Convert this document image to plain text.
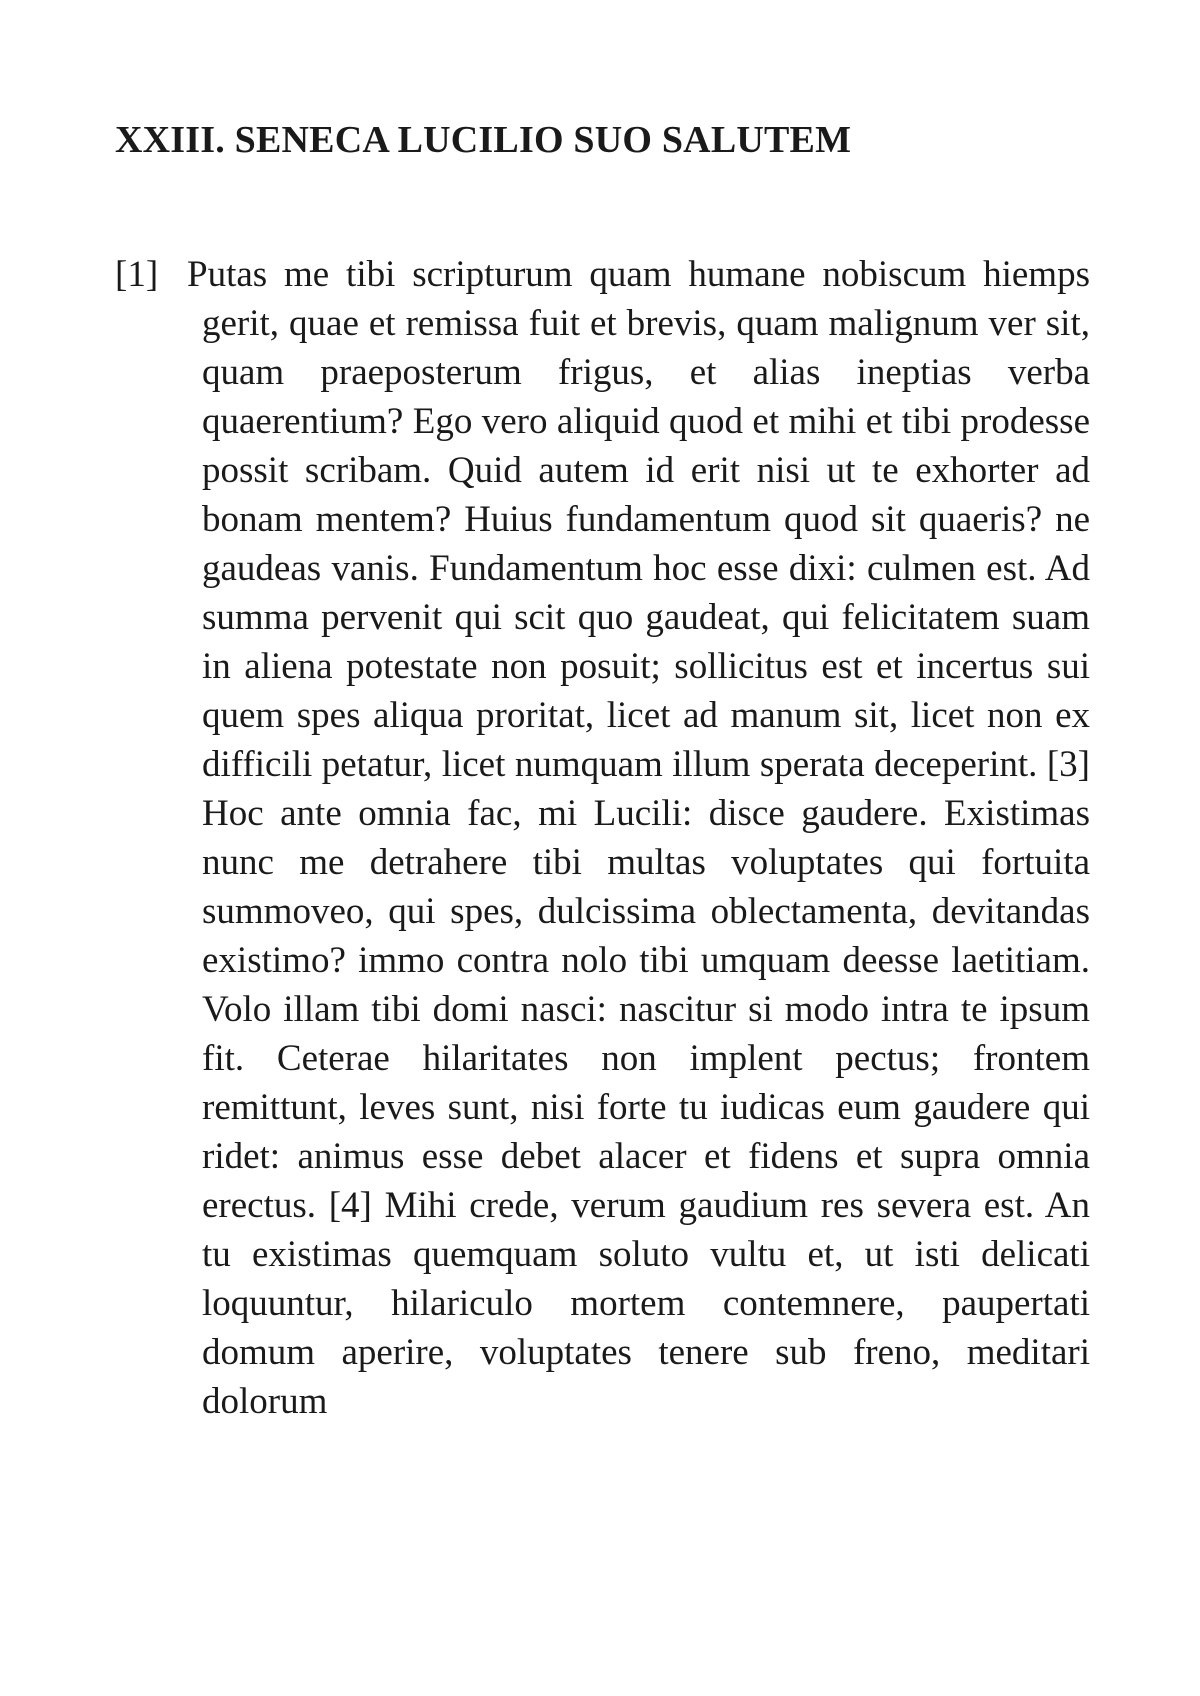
XXIII. SENECA LUCILIO SUO SALUTEM

[1] Putas me tibi scripturum quam humane nobiscum hiemps gerit, quae et remissa fuit et brevis, quam malignum ver sit, quam praeposterum frigus, et alias ineptias verba quaerentium? Ego vero aliquid quod et mihi et tibi prodesse possit scribam. Quid autem id erit nisi ut te exhorter ad bonam mentem? Huius fundamentum quod sit quaeris? ne gaudeas vanis. Fundamentum hoc esse dixi: culmen est. Ad summa pervenit qui scit quo gaudeat, qui felicitatem suam in aliena potestate non posuit; sollicitus est et incertus sui quem spes aliqua proritat, licet ad manum sit, licet non ex difficili petatur, licet numquam illum sperata deceperint. [3] Hoc ante omnia fac, mi Lucili: disce gaudere. Existimas nunc me detrahere tibi multas voluptates qui fortuita summoveo, qui spes, dulcissima oblectamenta, devitandas existimo? immo contra nolo tibi umquam deesse laetitiam. Volo illam tibi domi nasci: nascitur si modo intra te ipsum fit. Ceterae hilaritates non implent pectus; frontem remittunt, leves sunt, nisi forte tu iudicas eum gaudere qui ridet: animus esse debet alacer et fidens et supra omnia erectus. [4] Mihi crede, verum gaudium res severa est. An tu existimas quemquam soluto vultu et, ut isti delicati loquuntur, hilariculo mortem contemnere, paupertati domum aperire, voluptates tenere sub freno, meditari dolorum
